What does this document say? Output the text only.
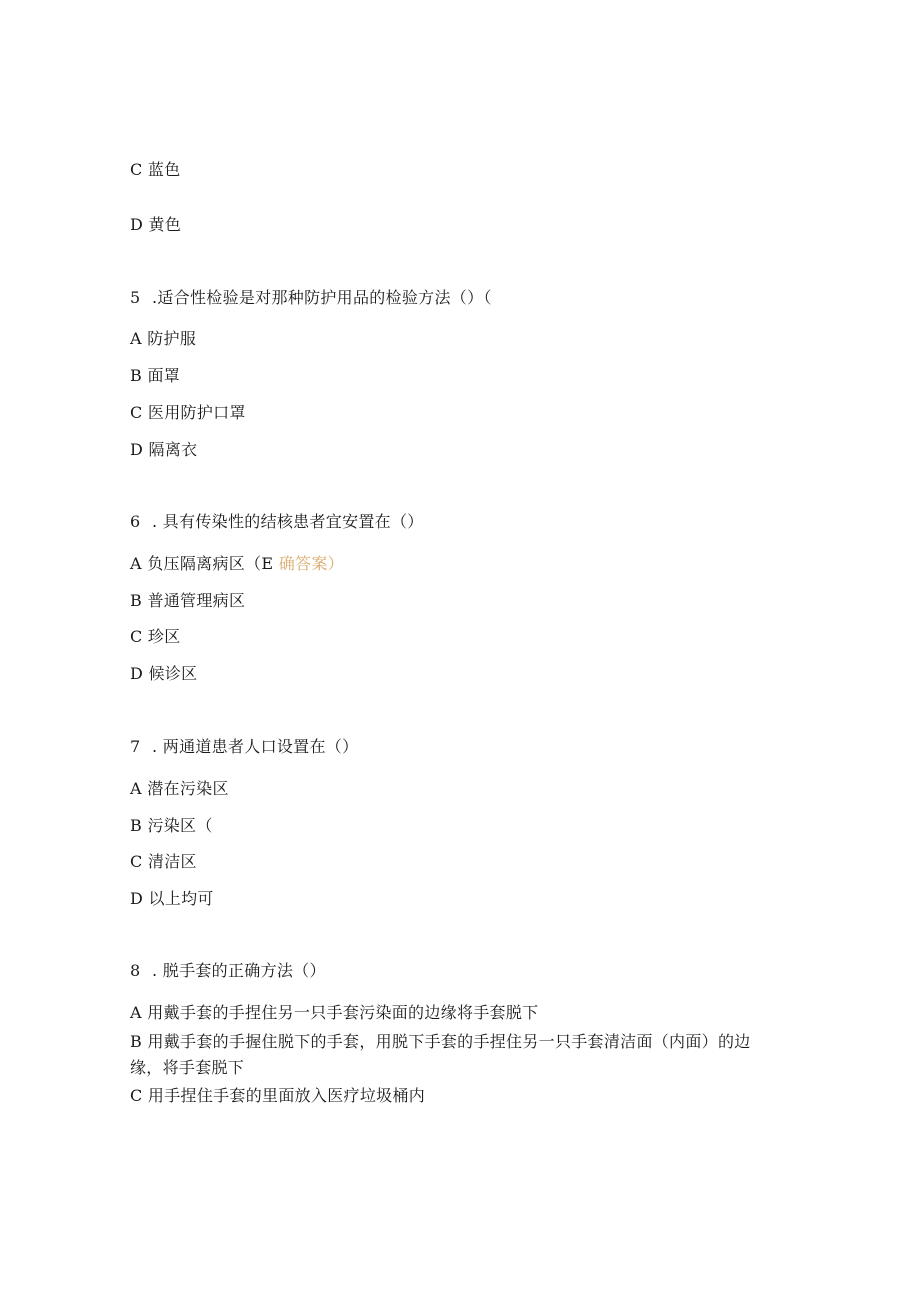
C 蓝色
D 黄色
5 .适合性检验是对那种防护用品的检验方法（）（
A 防护服
B 面罩
C 医用防护口罩
D 隔离衣
6 . 具有传染性的结核患者宜安置在（）
A 负压隔离病区（E 确答案）
B 普通管理病区
C 珍区
D 候诊区
7 . 两通道患者人口设置在（）
A 潜在污染区
B 污染区（
C 清洁区
D 以上均可
8 . 脱手套的正确方法（）
A 用戴手套的手捏住另一只手套污染面的边缘将手套脱下
B 用戴手套的手握住脱下的手套，用脱下手套的手捏住另一只手套清洁面（内面）的边缘，将手套脱下
C 用手捏住手套的里面放入医疗垃圾桶内
